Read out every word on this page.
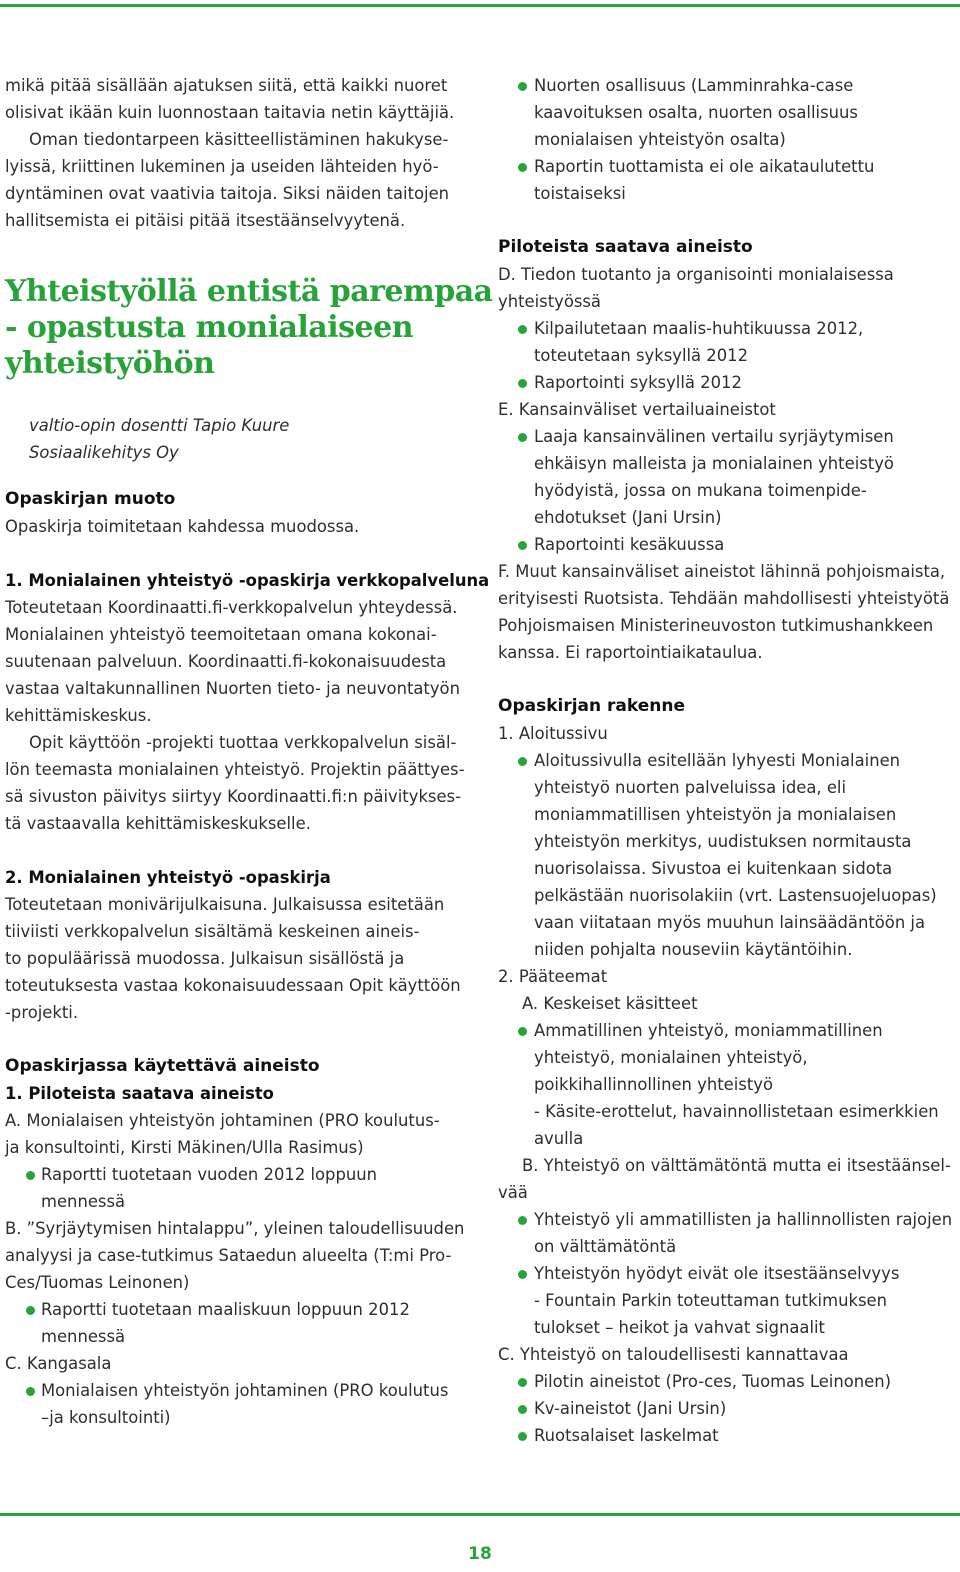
mikä pitää sisällään ajatuksen siitä, että kaikki nuoret
olisivat ikään kuin luonnostaan taitavia netin käyttäjiä.
Oman tiedontarpeen käsitteellistäminen hakukyse-
lyissä, kriittinen lukeminen ja useiden lähteiden hyö-
dyntäminen ovat vaativia taitoja. Siksi näiden taitojen
hallitsemista ei pitäisi pitää itsestäänselvyytenä.
Yhteistyöllä entistä parempaa
- opastusta monialaiseen
yhteistyöhön
valtio-opin dosentti Tapio Kuure
Sosiaalikehitys Oy
Opaskirjan muoto
Opaskirja toimitetaan kahdessa muodossa.
1. Monialainen yhteistyö -opaskirja verkkopalveluna
Toteutetaan Koordinaatti.fi-verkkopalvelun yhteydessä.
Monialainen yhteistyö teemoitetaan omana kokonai-
suutenaan palveluun. Koordinaatti.fi-kokonaisuudesta
vastaa valtakunnallinen Nuorten tieto- ja neuvontatyön
kehittämiskeskus.
Opit käyttöön -projekti tuottaa verkkopalvelun sisäl-
lön teemasta monialainen yhteistyö. Projektin päättyes-
sä sivuston päivitys siirtyy Koordinaatti.fi:n päivitykses-
tä vastaavalla kehittämiskeskukselle.
2. Monialainen yhteistyö -opaskirja
Toteutetaan monivärijulkaisuna. Julkaisussa esitetään
tiiviisti verkkopalvelun sisältämä keskeinen aineis-
to populäärissä muodossa. Julkaisun sisällöstä ja
toteutuksesta vastaa kokonaisuudessaan Opit käyttöön
-projekti.
Opaskirjassa käytettävä aineisto
1. Piloteista saatava aineisto
A. Monialaisen yhteistyön johtaminen (PRO koulutus-
ja konsultointi, Kirsti Mäkinen/Ulla Rasimus)
Raportti tuotetaan vuoden 2012 loppuun
mennessä
B. ”Syrjäytymisen hintalappu”, yleinen taloudellisuuden
analyysi ja case-tutkimus Sataedun alueelta (T:mi Pro-
Ces/Tuomas Leinonen)
Raportti tuotetaan maaliskuun loppuun 2012
mennessä
C. Kangasala
Monialaisen yhteistyön johtaminen (PRO koulutus
–ja konsultointi)
Nuorten osallisuus (Lamminrahka-case
kaavoituksen osalta, nuorten osallisuus
monialaisen yhteistyön osalta)
Raportin tuottamista ei ole aikataulutettu
toistaiseksi
Piloteista saatava aineisto
D. Tiedon tuotanto ja organisointi monialaisessa
yhteistyössä
Kilpailutetaan maalis-huhtikuussa 2012,
toteutetaan syksyllä 2012
Raportointi syksyllä 2012
E. Kansainväliset vertailuaineistot
Laaja kansainvälinen vertailu syrjäytymisen
ehkäisyn malleista ja monialainen yhteistyö
hyödyistä, jossa on mukana toimenpide-
ehdotukset (Jani Ursin)
Raportointi kesäkuussa
F. Muut kansainväliset aineistot lähinnä pohjoismaista,
erityisesti Ruotsista. Tehdään mahdollisesti yhteistyötä
Pohjoismaisen Ministerineuvoston tutkimushankkeen
kanssa. Ei raportointiaikataulua.
Opaskirjan rakenne
1. Aloitussivu
Aloitussivulla esitellään lyhyesti Monialainen
yhteistyö nuorten palveluissa idea, eli
moniammatillisen yhteistyön ja monialaisen
yhteistyön merkitys, uudistuksen normitausta
nuorisolaissa. Sivustoa ei kuitenkaan sidota
pelkästään nuorisolakiin (vrt. Lastensuojeluopas)
vaan viitataan myös muuhun lainsäädäntöön ja
niiden pohjalta nouseviin käytäntöihin.
2. Pääteemat
A. Keskeiset käsitteet
Ammatillinen yhteistyö, moniammatillinen
yhteistyö, monialainen yhteistyö,
poikkihallinnollinen yhteistyö
- Käsite-erottelut, havainnollistetaan esimerkkien
avulla
B. Yhteistyö on välttämätöntä mutta ei itsestäänsel-
vää
Yhteistyö yli ammatillisten ja hallinnollisten rajojen
on välttämätöntä
Yhteistyön hyödyt eivät ole itsestäänselvyys
- Fountain Parkin toteuttaman tutkimuksen
tulokset – heikot ja vahvat signaalit
C. Yhteistyö on taloudellisesti kannattavaa
Pilotin aineistot (Pro-ces, Tuomas Leinonen)
Kv-aineistot (Jani Ursin)
Ruotsalaiset laskelmat
18
